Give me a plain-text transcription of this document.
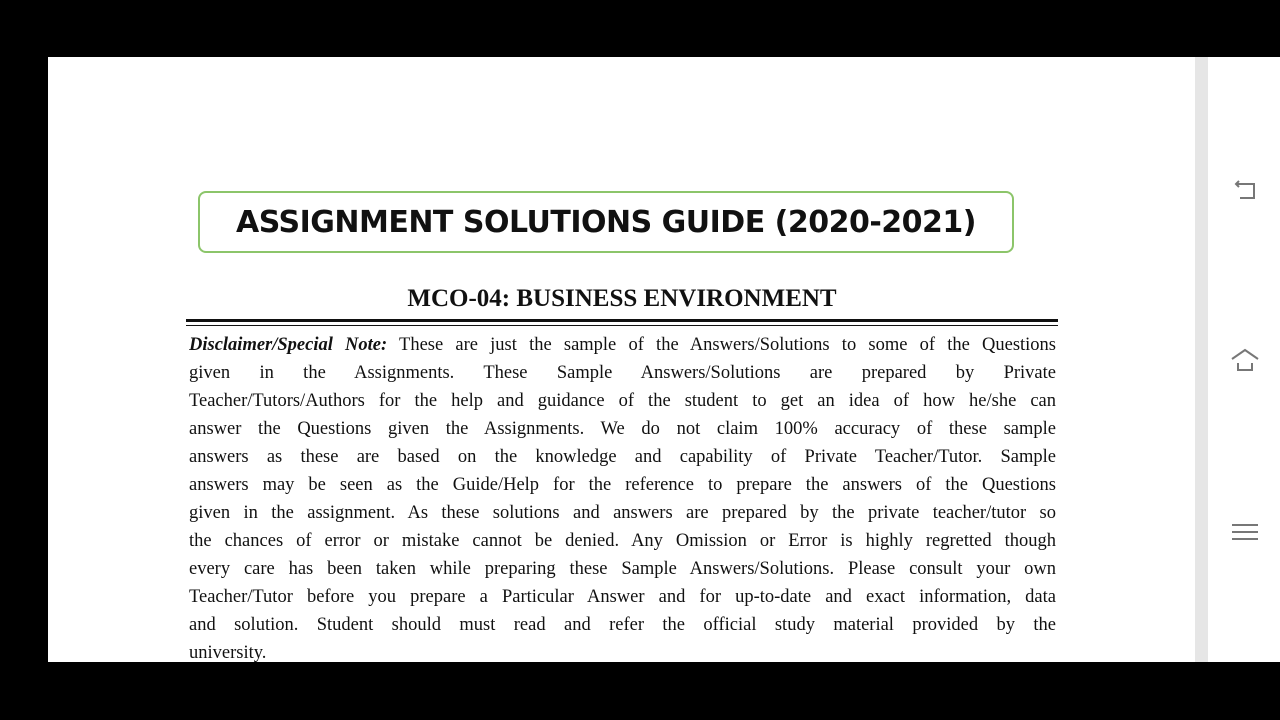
ASSIGNMENT SOLUTIONS GUIDE (2020-2021)
MCO-04: BUSINESS ENVIRONMENT
Disclaimer/Special Note: These are just the sample of the Answers/Solutions to some of the Questions
given in the Assignments. These Sample Answers/Solutions are prepared by Private
Teacher/Tutors/Authors for the help and guidance of the student to get an idea of how he/she can
answer the Questions given the Assignments. We do not claim 100% accuracy of these sample
answers as these are based on the knowledge and capability of Private Teacher/Tutor. Sample
answers may be seen as the Guide/Help for the reference to prepare the answers of the Questions
given in the assignment. As these solutions and answers are prepared by the private teacher/tutor so
the chances of error or mistake cannot be denied. Any Omission or Error is highly regretted though
every care has been taken while preparing these Sample Answers/Solutions. Please consult your own
Teacher/Tutor before you prepare a Particular Answer and for up-to-date and exact information, data
and solution. Student should must read and refer the official study material provided by the
university.
